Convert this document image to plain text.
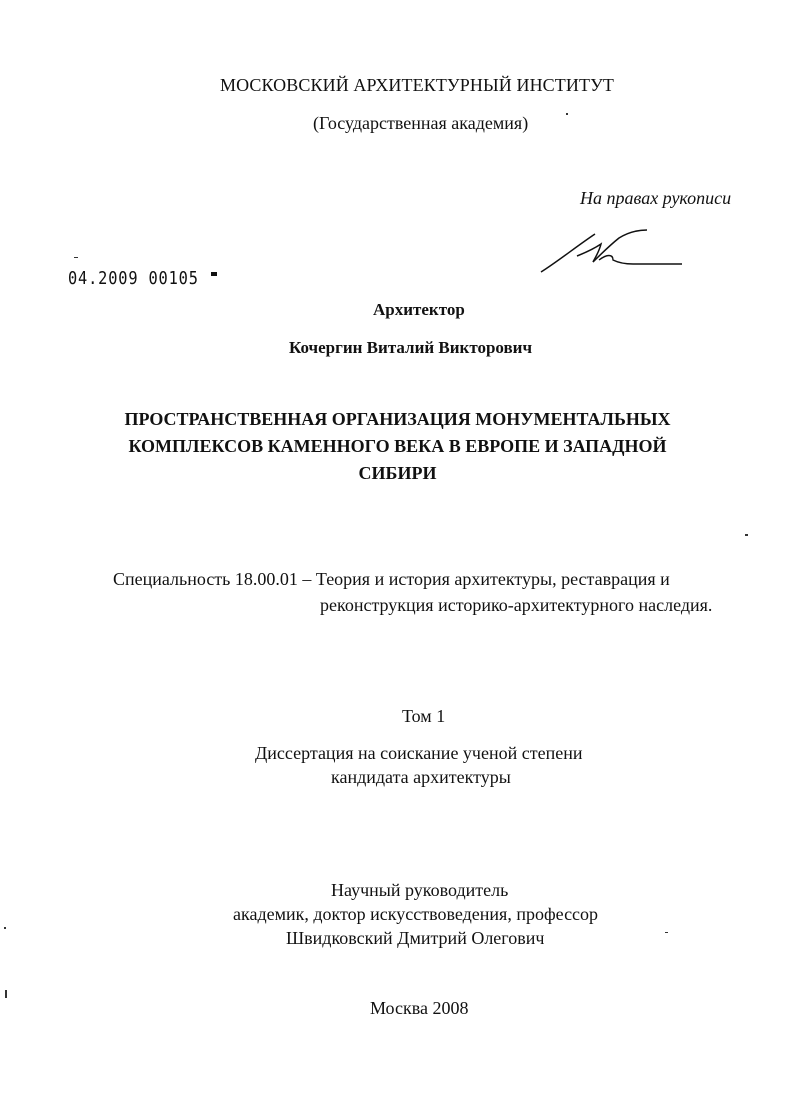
МОСКОВСКИЙ АРХИТЕКТУРНЫЙ ИНСТИТУТ
(Государственная академия)
На правах рукописи
04.2009 00105
Архитектор
Кочергин Виталий Викторович
ПРОСТРАНСТВЕННАЯ ОРГАНИЗАЦИЯ МОНУМЕНТАЛЬНЫХ КОМПЛЕКСОВ КАМЕННОГО ВЕКА В ЕВРОПЕ И ЗАПАДНОЙ СИБИРИ
Специальность 18.00.01 – Теория и история архитектуры, реставрация и
реконструкция историко-архитектурного наследия.
Том 1
Диссертация на соискание ученой степени
кандидата архитектуры
Научный руководитель
академик, доктор искусствоведения, профессор
Швидковский Дмитрий Олегович
Москва 2008
